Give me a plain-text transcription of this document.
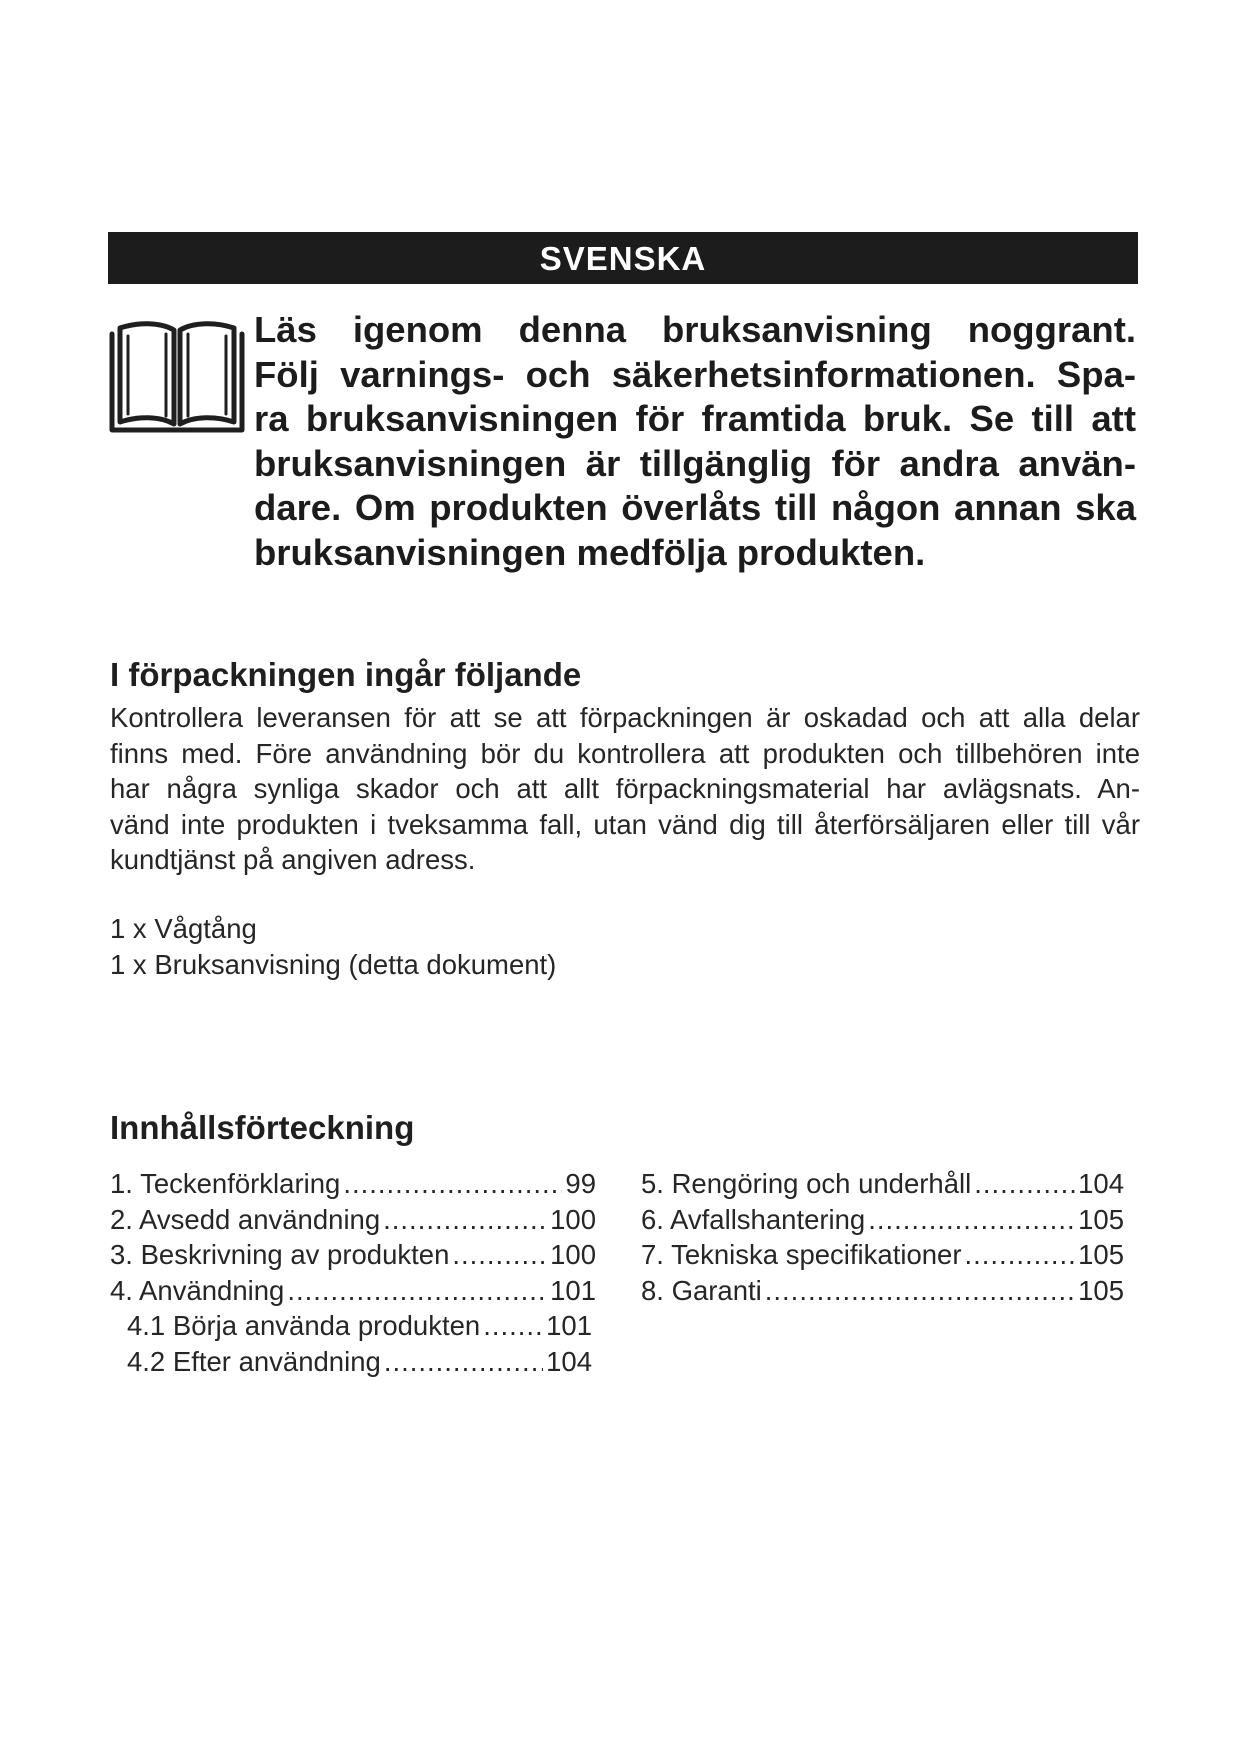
SVENSKA
Läs igenom denna bruksanvisning noggrant.
Följ varnings- och säkerhetsinformationen. Spa-
ra bruksanvisningen för framtida bruk. Se till att
bruksanvisningen är tillgänglig för andra använ-
dare. Om produkten överlåts till någon annan ska
bruksanvisningen medfölja produkten.
I förpackningen ingår följande
Kontrollera leveransen för att se att förpackningen är oskadad och att alla delar
finns med. Före användning bör du kontrollera att produkten och tillbehören inte
har några synliga skador och att allt förpackningsmaterial har avlägsnats. An-
vänd inte produkten i tveksamma fall, utan vänd dig till återförsäljaren eller till vår
kundtjänst på angiven adress.
1 x Vågtång
1 x Bruksanvisning (detta dokument)
Innhållsförteckning
1. Teckenförklaring .....	99
2. Avsedd användning .....	100
3. Beskrivning av produkten .....	100
4. Användning .....	101
4.1 Börja använda produkten ..... 101
4.2 Efter användning .....	104
5. Rengöring och underhåll .....	104
6. Avfallshantering .....	105
7. Tekniska specifikationer .....	105
8. Garanti .....	105
